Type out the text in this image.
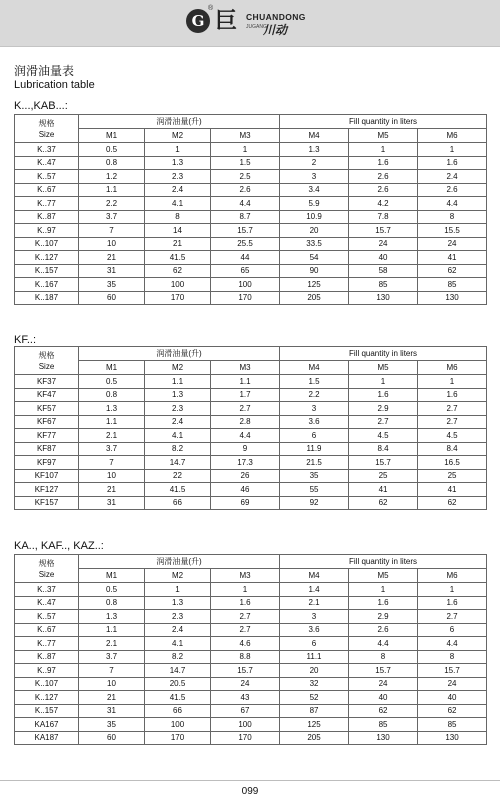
G
® 巨 CHUANDONG
JUGANG
川动
润滑油量表
Lubrication table
K...,KAB...:
KF..:
KA.., KAF.., KAZ..:
规格
Size	润滑油量(升)			Fill quantity in liters		
	M1	M2	M3	M4	M5	M6
K..37	0.5	1	1	1.3	1	1
K..47	0.8	1.3	1.5	2	1.6	1.6
K..57	1.2	2.3	2.5	3	2.6	2.4
K..67	1.1	2.4	2.6	3.4	2.6	2.6
K..77	2.2	4.1	4.4	5.9	4.2	4.4
K..87	3.7	8	8.7	10.9	7.8	8
K..97	7	14	15.7	20	15.7	15.5
K..107	10	21	25.5	33.5	24	24
K..127	21	41.5	44	54	40	41
K..157	31	62	65	90	58	62
K..167	35	100	100	125	85	85
K..187	60	170	170	205	130	130
规格
Size	润滑油量(升)			Fill quantity in liters		
	M1	M2	M3	M4	M5	M6
KF37	0.5	1.1	1.1	1.5	1	1
KF47	0.8	1.3	1.7	2.2	1.6	1.6
KF57	1.3	2.3	2.7	3	2.9	2.7
KF67	1.1	2.4	2.8	3.6	2.7	2.7
KF77	2.1	4.1	4.4	6	4.5	4.5
KF87	3.7	8.2	9	11.9	8.4	8.4
KF97	7	14.7	17.3	21.5	15.7	16.5
KF107	10	22	26	35	25	25
KF127	21	41.5	46	55	41	41
KF157	31	66	69	92	62	62
规格
Size	润滑油量(升)			Fill quantity in liters		
	M1	M2	M3	M4	M5	M6
K..37	0.5	1	1	1.4	1	1
K..47	0.8	1.3	1.6	2.1	1.6	1.6
K..57	1.3	2.3	2.7	3	2.9	2.7
K..67	1.1	2.4	2.7	3.6	2.6	6
K..77	2.1	4.1	4.6	6	4.4	4.4
K..87	3.7	8.2	8.8	11.1	8	8
K..97	7	14.7	15.7	20	15.7	15.7
K..107	10	20.5	24	32	24	24
K..127	21	41.5	43	52	40	40
K..157	31	66	67	87	62	62
KA167	35	100	100	125	85	85
KA187	60	170	170	205	130	130
099
